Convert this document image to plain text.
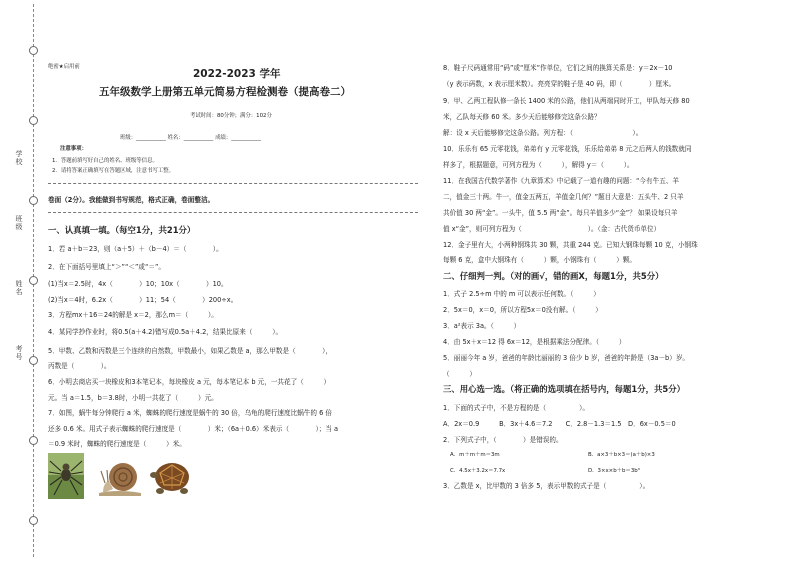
学校
班级
姓名
考号
绝密★启用前
2022-2023 学年
五年级数学上册第五单元简易方程检测卷（提高卷二）
考试时间：80分钟；满分：102分
班级：___________ 姓名：___________ 成绩：___________
注意事项：
1．答题前填写好自己的姓名、班级等信息。
2．请将答案正确填写在答题区域，注意书写工整。
卷面（2分）。我能做到书写规范，格式正确，卷面整洁。
一、认真填一填。（每空1分，共21分）
1．若 a＋b＝23，则（a＋5）＋（b－4）＝（　　　　）。
2．在下面括号里填上“＞”“＜”或“＝”。
(1)当x＝2.5时，4x（　　　　）10；10x（　　　　）10。
(2)当x＝4时，6.2x（　　　　）11；54（　　　　）200÷x。
3．方程mx＋16＝24的解是 x＝2，那么m＝（　　　）。
4．某同学抄作业时，将0.5(a＋4.2)错写成0.5a＋4.2，结果比原来（　　　）。
5．甲数、乙数和丙数是三个连续的自然数，甲数最小，如果乙数是 a，那么甲数是（　　　　），
丙数是（　　　　）。
6．小明去商店买一块橡皮和3本笔记本，每块橡皮 a 元，每本笔记本 b 元，一共花了（　　　）
元。当 a＝1.5，b＝3.8时，小明一共花了（　　　）元。
7．如图，蜗牛每分钟爬行 a 米，蜘蛛的爬行速度是蜗牛的 30 倍，乌龟的爬行速度比蜗牛的 6 倍
还多 0.6 米。用式子表示蜘蛛的爬行速度是（　　　　）米；（6a＋0.6）米表示（　　　　）；当 a
＝0.9 米时，蜘蛛的爬行速度是（　　　）米。
8．鞋子尺码通常用“码”或“厘米”作单位，它们之间的换算关系是：y＝2x－10
（y 表示码数，x 表示厘米数）。亮亮穿的鞋子是 40 码，即（　　　　）厘米。
9．甲、乙两工程队修一条长 1400 米的公路，他们从两端同时开工，甲队每天修 80
米，乙队每天修 60 米。多少天后能够修完这条公路？
解：设 x 天后能够修完这条公路。列方程：（　　　　　　　　　）。
10．乐乐有 65 元零花钱，弟弟有 y 元零花钱，乐乐给弟弟 8 元之后两人的钱数就同
样多了，根据题意，可列方程为（　　　），解得 y＝（　　　）。
11．在我国古代数学著作《九章算术》中记载了一道有趣的问题：“今有牛五、羊
二，值金三十两。牛一，值金五两五，羊值金几何？”题目大意是：五头牛、2 只羊
共价值 30 两“金”。一头牛，值 5.5 两“金”。每只羊值多少“金”？ 如果设每只羊
值 x“金”，则可列方程为（　　　　　　　　　　）。（金：古代货币单位）
12．金子里有大，小两种钢珠共 30 颗，共重 244 克。已知大钢珠每颗 10 克，小钢珠
每颗 6 克，盒中大钢珠有（　　　）颗，小钢珠有（　　　）颗。
二、仔细判一判。（对的画√，错的画X，每题1分，共5分）
1．式子 2.5÷m 中的 m 可以表示任何数。（　　　）
2．5x＝0，x＝0，所以方程5x＝0没有解。（　　　）
3．a²表示 3a。（　　　）
4．由 5x＋x＝12 得 6x＝12，是根据乘法分配律。（　　　）
5．丽丽今年 a 岁，爸爸的年龄比丽丽的 3 倍少 b 岁，爸爸的年龄是（3a－b）岁。
（　　　）
三、用心选一选。（将正确的选项填在括号内，每题1分，共5分）
1．下面的式子中，不是方程的是（　　　　　）。
A．2x＝0.9　　　B．3x＋4.6＝7.2　　C．2.8－1.3＝1.5　D．6x－0.5＝0
2．下列式子中，（　　　　）是错误的。
A．m＋m＋m＝3m	B．a×3＋b×3＝(a＋b)×3
C．4.5x＋3.2x＝7.7x	D．3×x×b＋b＝3b³
3．乙数是 x，比甲数的 3 倍多 5，表示甲数的式子是（　　　　　）。
